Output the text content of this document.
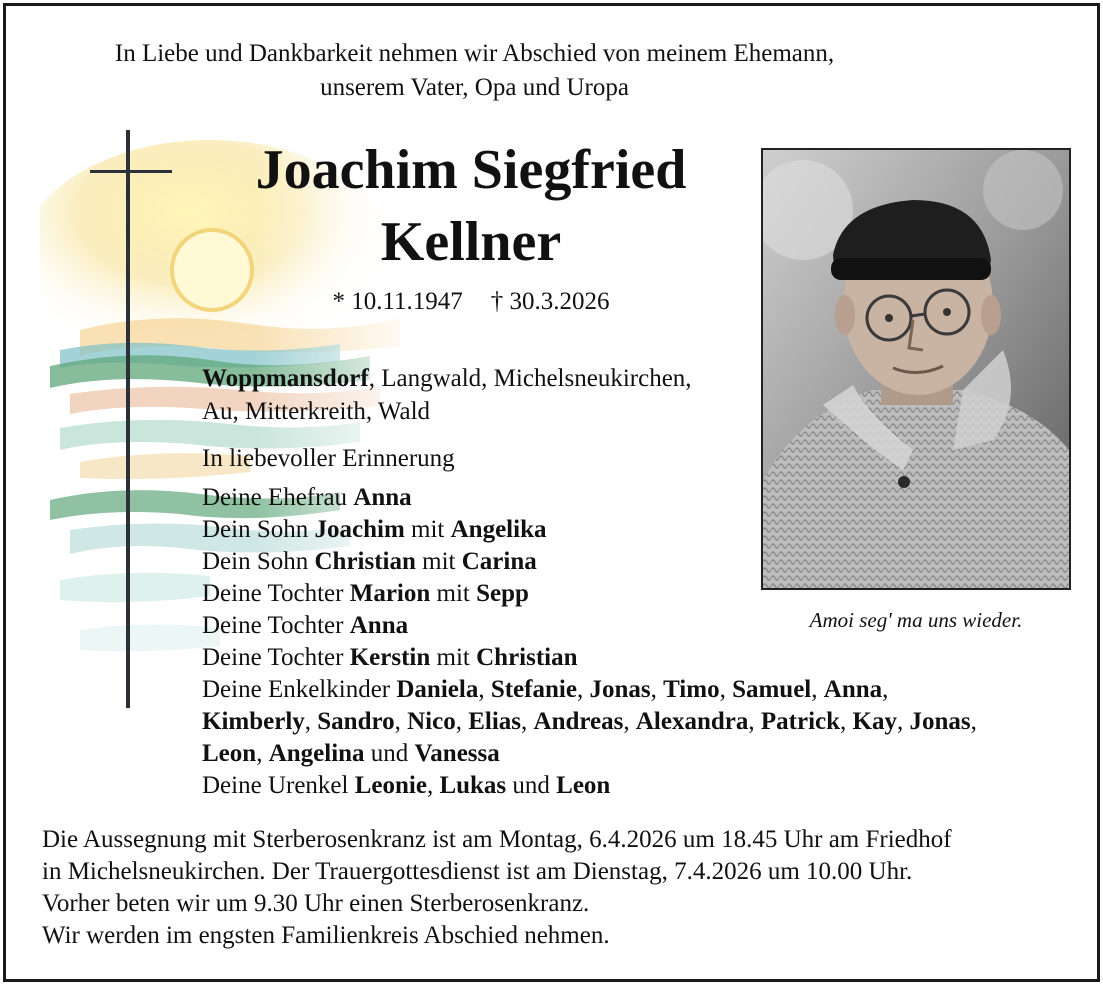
In Liebe und Dankbarkeit nehmen wir Abschied von meinem Ehemann,
unserem Vater, Opa und Uropa
Joachim Siegfried
Kellner
* 10.11.1947 † 30.3.2026
Woppmansdorf, Langwald, Michelsneukirchen,
Au, Mitterkreith, Wald
In liebevoller Erinnerung
Deine Ehefrau Anna
Dein Sohn Joachim mit Angelika
Dein Sohn Christian mit Carina
Deine Tochter Marion mit Sepp
Deine Tochter Anna
Deine Tochter Kerstin mit Christian
Deine Enkelkinder Daniela, Stefanie, Jonas, Timo, Samuel, Anna,
Kimberly, Sandro, Nico, Elias, Andreas, Alexandra, Patrick, Kay, Jonas,
Leon, Angelina und Vanessa
Deine Urenkel Leonie, Lukas und Leon
Amoi seg' ma uns wieder.
Die Aussegnung mit Sterberosenkranz ist am Montag, 6.4.2026 um 18.45 Uhr am Friedhof
in Michelsneukirchen. Der Trauergottesdienst ist am Dienstag, 7.4.2026 um 10.00 Uhr.
Vorher beten wir um 9.30 Uhr einen Sterberosenkranz.
Wir werden im engsten Familienkreis Abschied nehmen.
